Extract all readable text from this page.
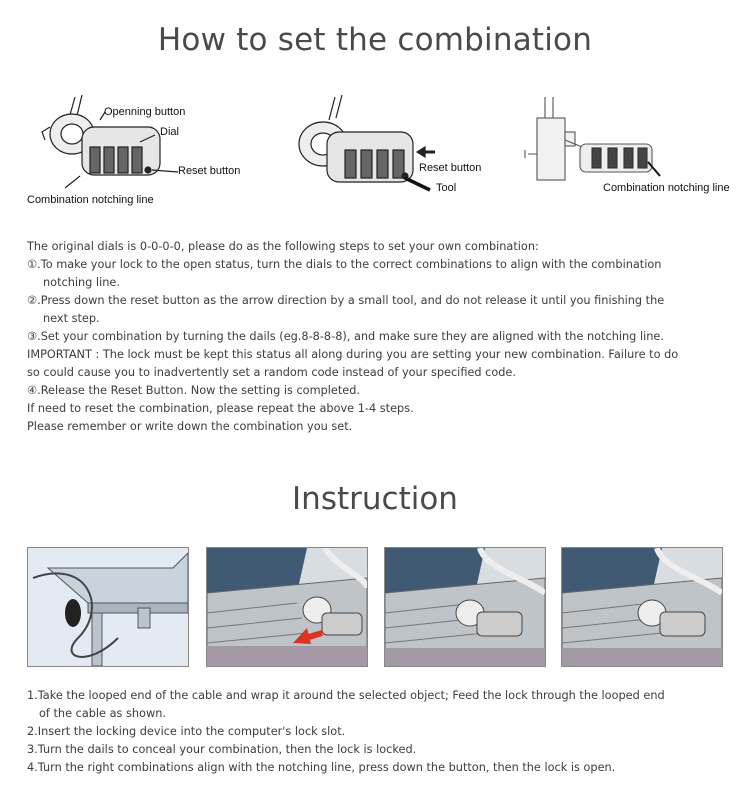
How to set the combination
Openning button
Dial
Reset button
Combination notching line
Reset button
Tool	Combination notching line

The original dials is 0-0-0-0, please do as the following steps to set your own combination:

①.To make your lock to the open status, turn the dials to the correct combinations to align with the combination

notching line.

②.Press down the reset button as the arrow direction by a small tool, and do not release it until you finishing the

next step.

③.Set your combination by turning the dails (eg.8-8-8-8), and make sure they are aligned with the notching line.

IMPORTANT : The lock must be kept this status all along during you are setting your new combination. Failure to do

so could cause you to inadvertently set a random code instead of your specified code.

④.Release the Reset Button. Now the setting is completed.

If need to reset the combination, please repeat the above 1-4 steps.

Please remember or write down the combination you set.

Instruction

1.Take the looped end of the cable and wrap it around the selected object; Feed the lock through the looped end

of the cable as shown.

2.Insert the locking device into the computer's lock slot.

3.Turn the dails to conceal your combination, then the lock is locked.

4.Turn the right combinations align with the notching line, press down the button, then the lock is open.
